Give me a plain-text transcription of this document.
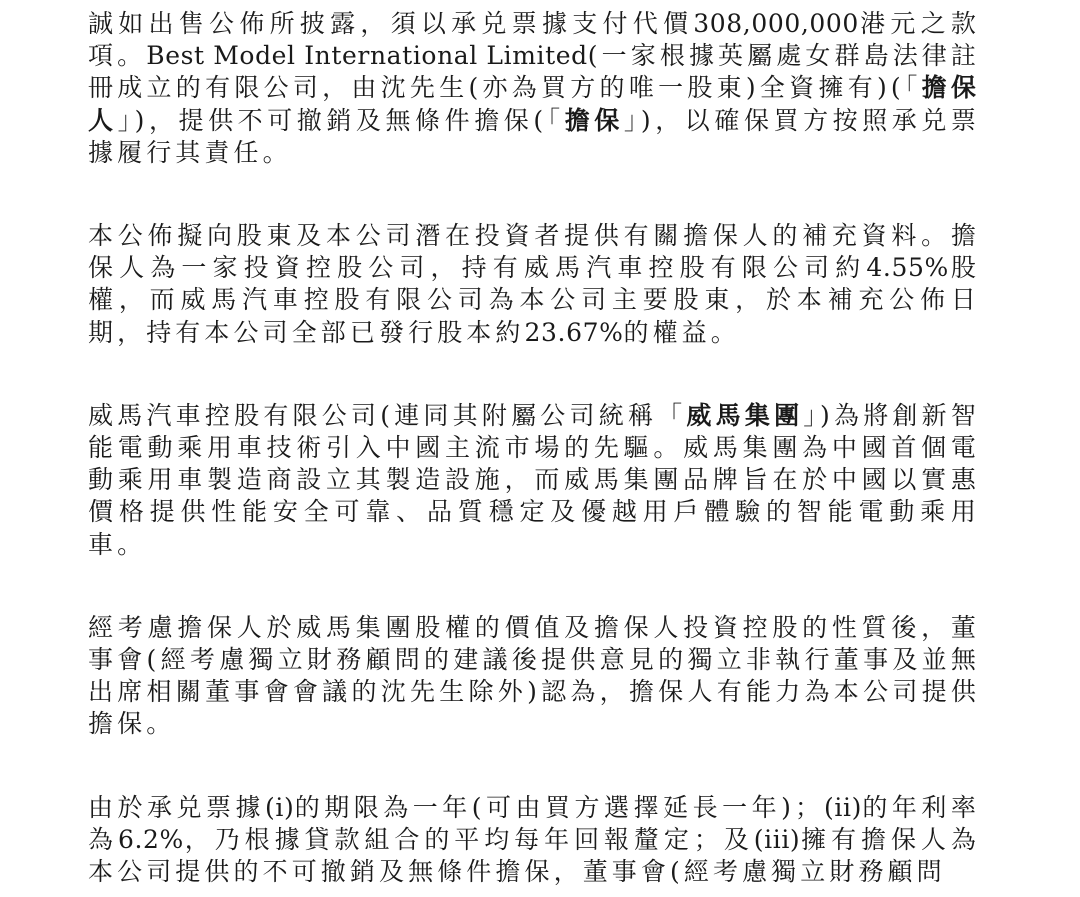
誠如出售公佈所披露，須以承兑票據支付代價308,000,000港元之款項。Best Model International Limited(一家根據英屬處女群島法律註冊成立的有限公司，由沈先生(亦為買方的唯一股東)全資擁有)(「擔保人」)，提供不可撤銷及無條件擔保(「擔保」)，以確保買方按照承兑票據履行其責任。

本公佈擬向股東及本公司潛在投資者提供有關擔保人的補充資料。擔保人為一家投資控股公司，持有威馬汽車控股有限公司約4.55%股權，而威馬汽車控股有限公司為本公司主要股東，於本補充公佈日期，持有本公司全部已發行股本約23.67%的權益。

威馬汽車控股有限公司(連同其附屬公司統稱「威馬集團」)為將創新智能電動乘用車技術引入中國主流市場的先驅。威馬集團為中國首個電動乘用車製造商設立其製造設施，而威馬集團品牌旨在於中國以實惠價格提供性能安全可靠、品質穩定及優越用戶體驗的智能電動乘用車。

經考慮擔保人於威馬集團股權的價值及擔保人投資控股的性質後，董事會(經考慮獨立財務顧問的建議後提供意見的獨立非執行董事及並無出席相關董事會會議的沈先生除外)認為，擔保人有能力為本公司提供擔保。

由於承兑票據(i)的期限為一年(可由買方選擇延長一年)；(ii)的年利率為6.2%，乃根據貸款組合的平均每年回報釐定；及(iii)擁有擔保人為本公司提供的不可撤銷及無條件擔保，董事會(經考慮獨立財務顧問
